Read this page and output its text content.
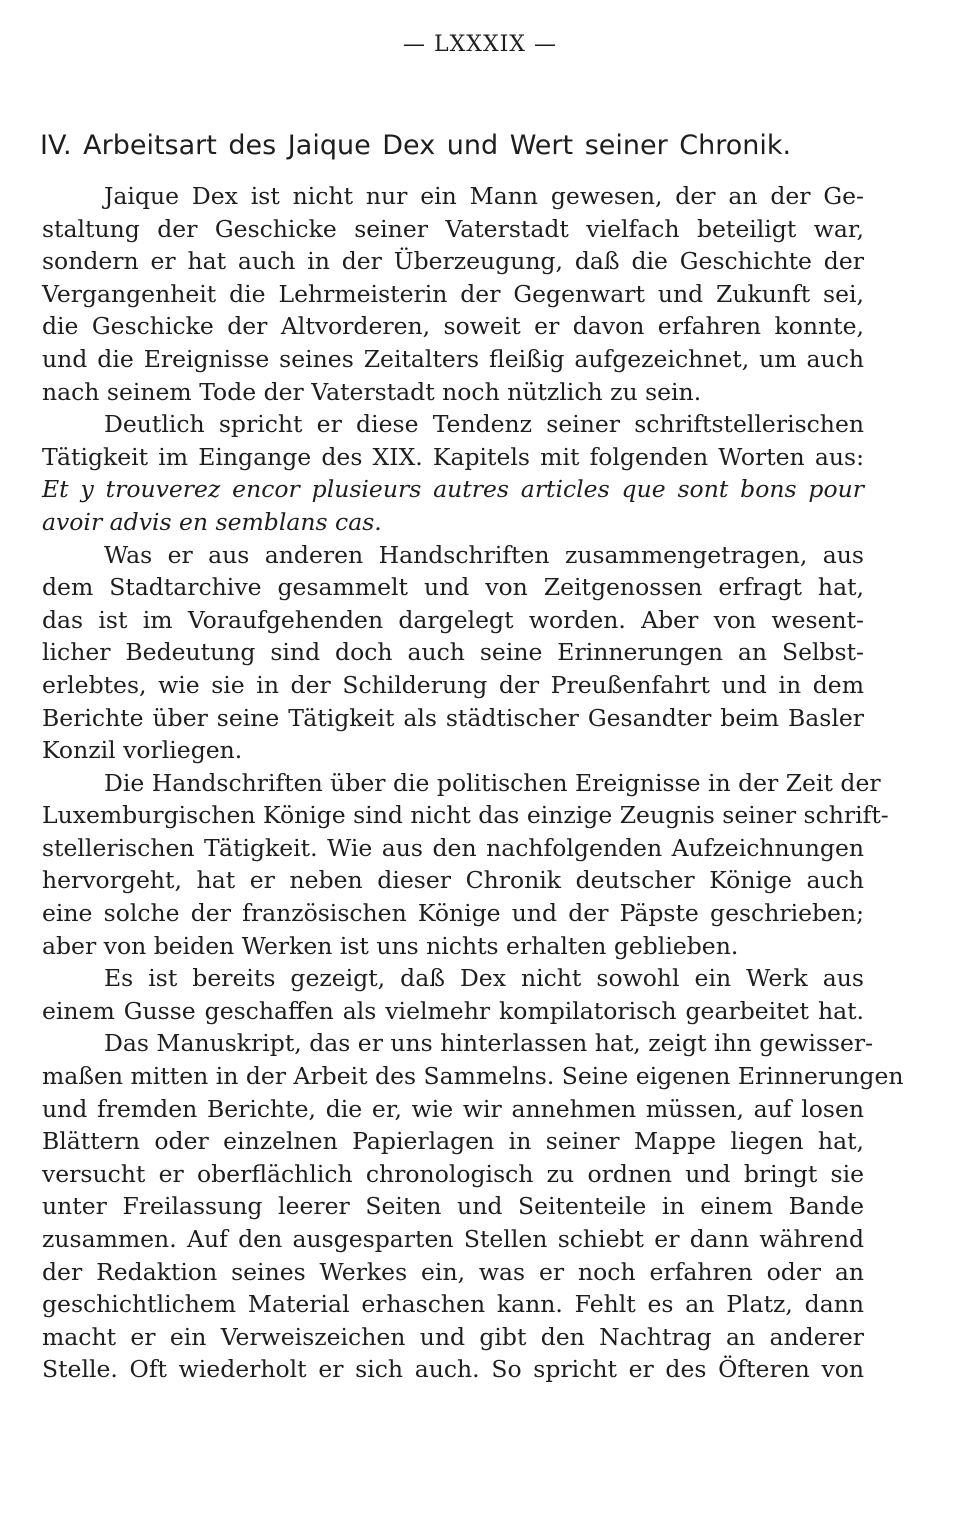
— LXXXIX —
IV. Arbeitsart des Jaique Dex und Wert seiner Chronik.
Jaique Dex ist nicht nur ein Mann gewesen, der an der Ge-
staltung der Geschicke seiner Vaterstadt vielfach beteiligt war,
sondern er hat auch in der Überzeugung, daß die Geschichte der
Vergangenheit die Lehrmeisterin der Gegenwart und Zukunft sei,
die Geschicke der Altvorderen, soweit er davon erfahren konnte,
und die Ereignisse seines Zeitalters fleißig aufgezeichnet, um auch
nach seinem Tode der Vaterstadt noch nützlich zu sein.
Deutlich spricht er diese Tendenz seiner schriftstellerischen
Tätigkeit im Eingange des XIX. Kapitels mit folgenden Worten aus:
Et y trouverez encor plusieurs autres articles que sont bons pour
avoir advis en semblans cas.
Was er aus anderen Handschriften zusammengetragen, aus
dem Stadtarchive gesammelt und von Zeitgenossen erfragt hat,
das ist im Voraufgehenden dargelegt worden. Aber von wesent-
licher Bedeutung sind doch auch seine Erinnerungen an Selbst-
erlebtes, wie sie in der Schilderung der Preußenfahrt und in dem
Berichte über seine Tätigkeit als städtischer Gesandter beim Basler
Konzil vorliegen.
Die Handschriften über die politischen Ereignisse in der Zeit der
Luxemburgischen Könige sind nicht das einzige Zeugnis seiner schrift-
stellerischen Tätigkeit. Wie aus den nachfolgenden Aufzeichnungen
hervorgeht, hat er neben dieser Chronik deutscher Könige auch
eine solche der französischen Könige und der Päpste geschrieben;
aber von beiden Werken ist uns nichts erhalten geblieben.
Es ist bereits gezeigt, daß Dex nicht sowohl ein Werk aus
einem Gusse geschaffen als vielmehr kompilatorisch gearbeitet hat.
Das Manuskript, das er uns hinterlassen hat, zeigt ihn gewisser-
maßen mitten in der Arbeit des Sammelns. Seine eigenen Erinnerungen
und fremden Berichte, die er, wie wir annehmen müssen, auf losen
Blättern oder einzelnen Papierlagen in seiner Mappe liegen hat,
versucht er oberflächlich chronologisch zu ordnen und bringt sie
unter Freilassung leerer Seiten und Seitenteile in einem Bande
zusammen. Auf den ausgesparten Stellen schiebt er dann während
der Redaktion seines Werkes ein, was er noch erfahren oder an
geschichtlichem Material erhaschen kann. Fehlt es an Platz, dann
macht er ein Verweiszeichen und gibt den Nachtrag an anderer
Stelle. Oft wiederholt er sich auch. So spricht er des Öfteren von
